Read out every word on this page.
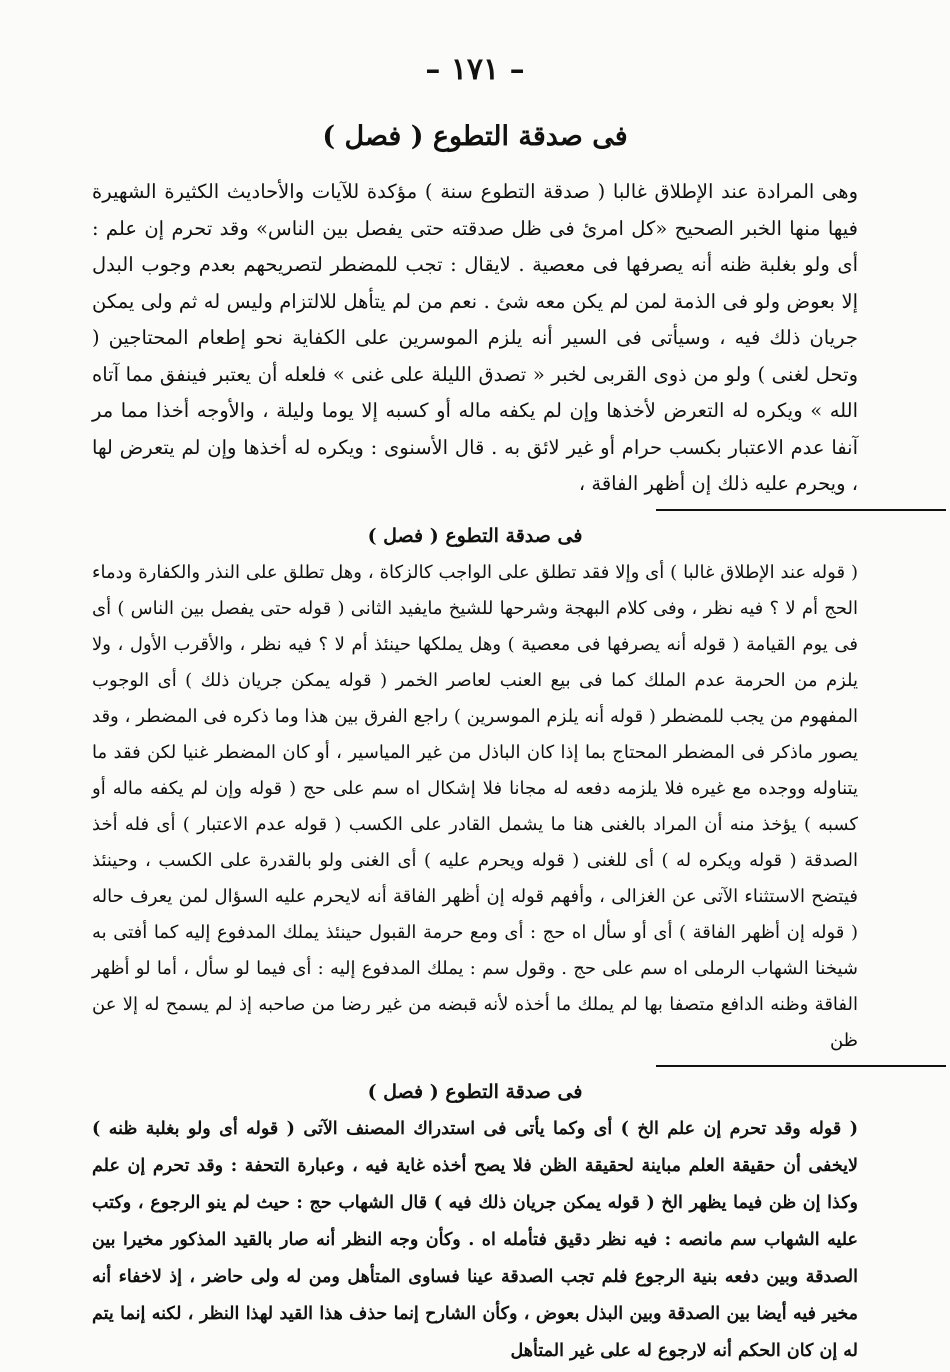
– ۱۷۱ –
( فصل ) فى صدقة التطوع

وهى المرادة عند الإطلاق غالبا ( صدقة التطوع سنة ) مؤكدة للآيات والأحاديث الكثيرة الشهيرة فيها منها الخبر الصحيح «كل امرئ فى ظل صدقته حتى يفصل بين الناس» وقد تحرم إن علم : أى ولو بغلبة ظنه أنه يصرفها فى معصية . لايقال : تجب للمضطر لتصريحهم بعدم وجوب البدل إلا بعوض ولو فى الذمة لمن لم يكن معه شئ . نعم من لم يتأهل للالتزام وليس له ثم ولى يمكن جريان ذلك فيه ، وسيأتى فى السير أنه يلزم الموسرين على الكفاية نحو إطعام المحتاجين ( وتحل لغنى ) ولو من ذوى القربى لخبر « تصدق الليلة على غنى » فلعله أن يعتبر فينفق مما آتاه الله » ويكره له التعرض لأخذها وإن لم يكفه ماله أو كسبه إلا يوما وليلة ، والأوجه أخذا مما مر آنفا عدم الاعتبار بكسب حرام أو غير لائق به . قال الأسنوى : ويكره له أخذها وإن لم يتعرض لها ، ويحرم عليه ذلك إن أظهر الفاقة ،

( فصل ) فى صدقة التطوع

( قوله عند الإطلاق غالبا ) أى وإلا فقد تطلق على الواجب كالزكاة ، وهل تطلق على النذر والكفارة ودماء الحج أم لا ؟ فيه نظر ، وفى كلام البهجة وشرحها للشيخ مايفيد الثانى ( قوله حتى يفصل بين الناس ) أى فى يوم القيامة ( قوله أنه يصرفها فى معصية ) وهل يملكها حينئذ أم لا ؟ فيه نظر ، والأقرب الأول ، ولا يلزم من الحرمة عدم الملك كما فى بيع العنب لعاصر الخمر ( قوله يمكن جريان ذلك ) أى الوجوب المفهوم من يجب للمضطر ( قوله أنه يلزم الموسرين ) راجع الفرق بين هذا وما ذكره فى المضطر ، وقد يصور ماذكر فى المضطر المحتاج بما إذا كان الباذل من غير المياسير ، أو كان المضطر غنيا لكن فقد ما يتناوله ووجده مع غيره فلا يلزمه دفعه له مجانا فلا إشكال اه سم على حج ( قوله وإن لم يكفه ماله أو كسبه ) يؤخذ منه أن المراد بالغنى هنا ما يشمل القادر على الكسب ( قوله عدم الاعتبار ) أى فله أخذ الصدقة ( قوله ويكره له ) أى للغنى ( قوله ويحرم عليه ) أى الغنى ولو بالقدرة على الكسب ، وحينئذ فيتضح الاستثناء الآتى عن الغزالى ، وأفهم قوله إن أظهر الفاقة أنه لايحرم عليه السؤال لمن يعرف حاله ( قوله إن أظهر الفاقة ) أى أو سأل اه حج : أى ومع حرمة القبول حينئذ يملك المدفوع إليه كما أفتى به شيخنا الشهاب الرملى اه سم على حج . وقول سم : يملك المدفوع إليه : أى فيما لو سأل ، أما لو أظهر الفاقة وظنه الدافع متصفا بها لم يملك ما أخذه لأنه قبضه من غير رضا من صاحبه إذ لم يسمح له إلا عن ظن

( فصل ) فى صدقة التطوع

( قوله وقد تحرم إن علم الخ ) أى وكما يأتى فى استدراك المصنف الآتى ( قوله أى ولو بغلبة ظنه ) لايخفى أن حقيقة العلم مباينة لحقيقة الظن فلا يصح أخذه غاية فيه ، وعبارة التحفة : وقد تحرم إن علم وكذا إن ظن فيما يظهر الخ ( قوله يمكن جريان ذلك فيه ) قال الشهاب حج : حيث لم ينو الرجوع ، وكتب عليه الشهاب سم مانصه : فيه نظر دقيق فتأمله اه . وكأن وجه النظر أنه صار بالقيد المذكور مخيرا بين الصدقة وبين دفعه بنية الرجوع فلم تجب الصدقة عينا فساوى المتأهل ومن له ولى حاضر ، إذ لاخفاء أنه مخير فيه أيضا بين الصدقة وبين البذل بعوض ، وكأن الشارح إنما حذف هذا القيد لهذا النظر ، لكنه إنما يتم له إن كان الحكم أنه لارجوع له على غير المتأهل
